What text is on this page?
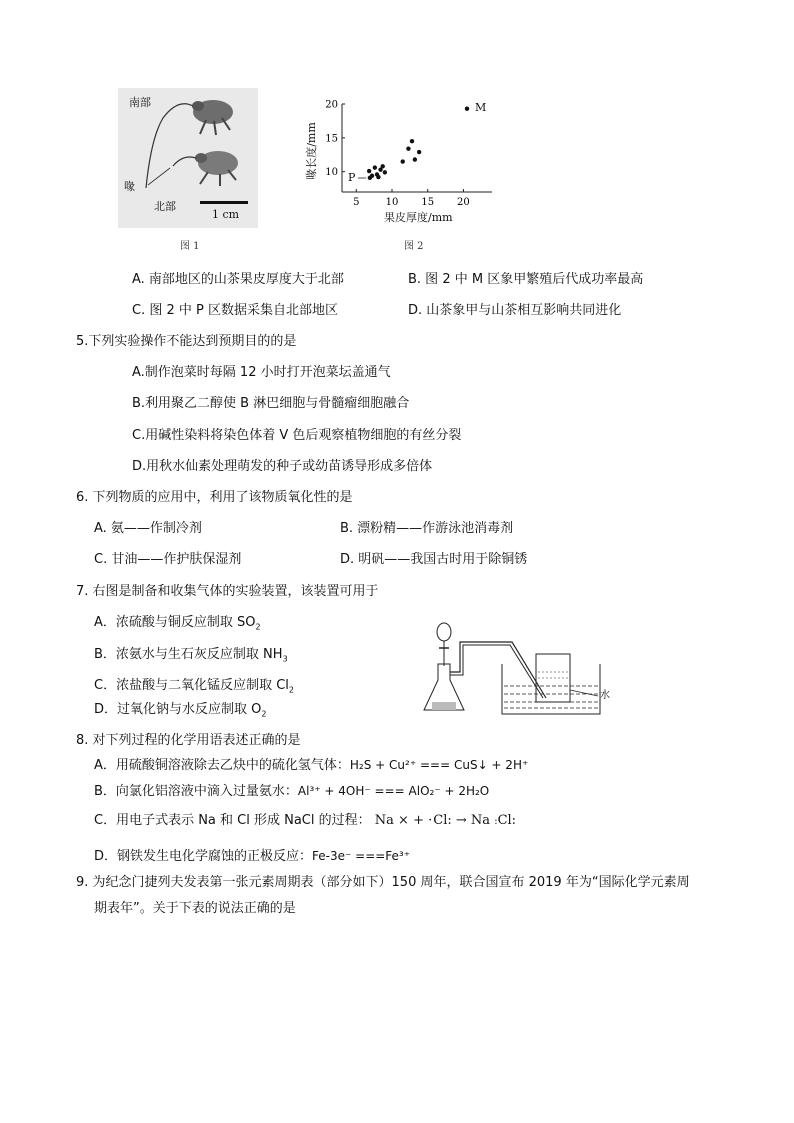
南部
喙
北部
1 cm
图 1
20
15
10
5	10 15 20
喙长度/mm
果皮厚度/mm
M
P
图 2
A. 南部地区的山茶果皮厚度大于北部	B. 图 2 中 M 区象甲繁殖后代成功率最高
C. 图 2 中 P 区数据采集自北部地区	D. 山茶象甲与山茶相互影响共同进化
5.下列实验操作不能达到预期目的的是
A.制作泡菜时每隔 12 小时打开泡菜坛盖通气
B.利用聚乙二醇使 B 淋巴细胞与骨髓瘤细胞融合
C.用碱性染料将染色体着 V 色后观察植物细胞的有丝分裂
D.用秋水仙素处理萌发的种子或幼苗诱导形成多倍体
6. 下列物质的应用中，利用了该物质氧化性的是
A. 氨——作制冷剂	B. 漂粉精——作游泳池消毒剂
C. 甘油——作护肤保湿剂	D. 明矾——我国古时用于除铜锈
7. 右图是制备和收集气体的实验装置，该装置可用于
A．浓硫酸与铜反应制取 $SO_2$
B．浓氨水与生石灰反应制取 $NH_3$
C．浓盐酸与二氧化锰反应制取 $Cl_2$
D．过氧化钠与水反应制取 $O_2$
水
8. 对下列过程的化学用语表述正确的是
A．用硫酸铜溶液除去乙炔中的硫化氢气体：H₂S + Cu²⁺ === CuS↓ + 2H⁺
B．向氯化铝溶液中滴入过量氨水：Al³⁺ + 4OH⁻ === AlO₂⁻ + 2H₂O
C．用电子式表示 Na 和 Cl 形成 NaCl 的过程： Na × + ·Cl: → Na :Cl:
D．钢铁发生电化学腐蚀的正极反应：Fe-3e⁻ ===Fe³⁺
9. 为纪念门捷列夫发表第一张元素周期表（部分如下）150 周年，联合国宣布 2019 年为“国际化学元素周
期表年”。关于下表的说法正确的是
